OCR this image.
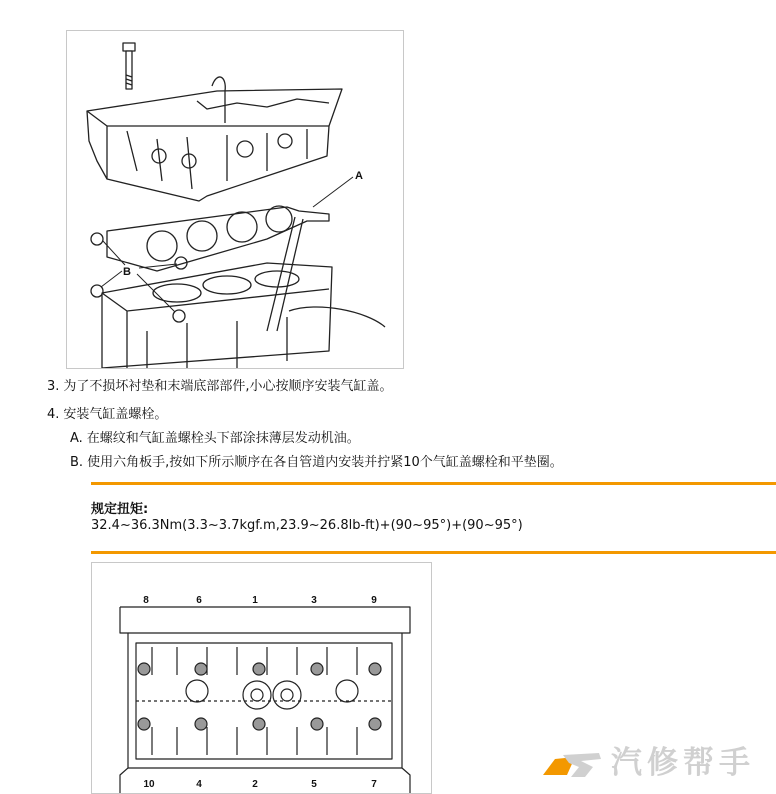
A
B
3. 为了不损坏衬垫和末端底部部件,小心按顺序安装气缸盖。
4. 安装气缸盖螺栓。
A. 在螺纹和气缸盖螺栓头下部涂抹薄层发动机油。
B. 使用六角板手,按如下所示顺序在各自管道内安装并拧紧10个气缸盖螺栓和平垫圈。
规定扭矩:
32.4~36.3Nm(3.3~3.7kgf.m,23.9~26.8lb-ft)+(90~95°)+(90~95°)
8	6	1	3	9
10	4	2	5	7
汽修帮手
